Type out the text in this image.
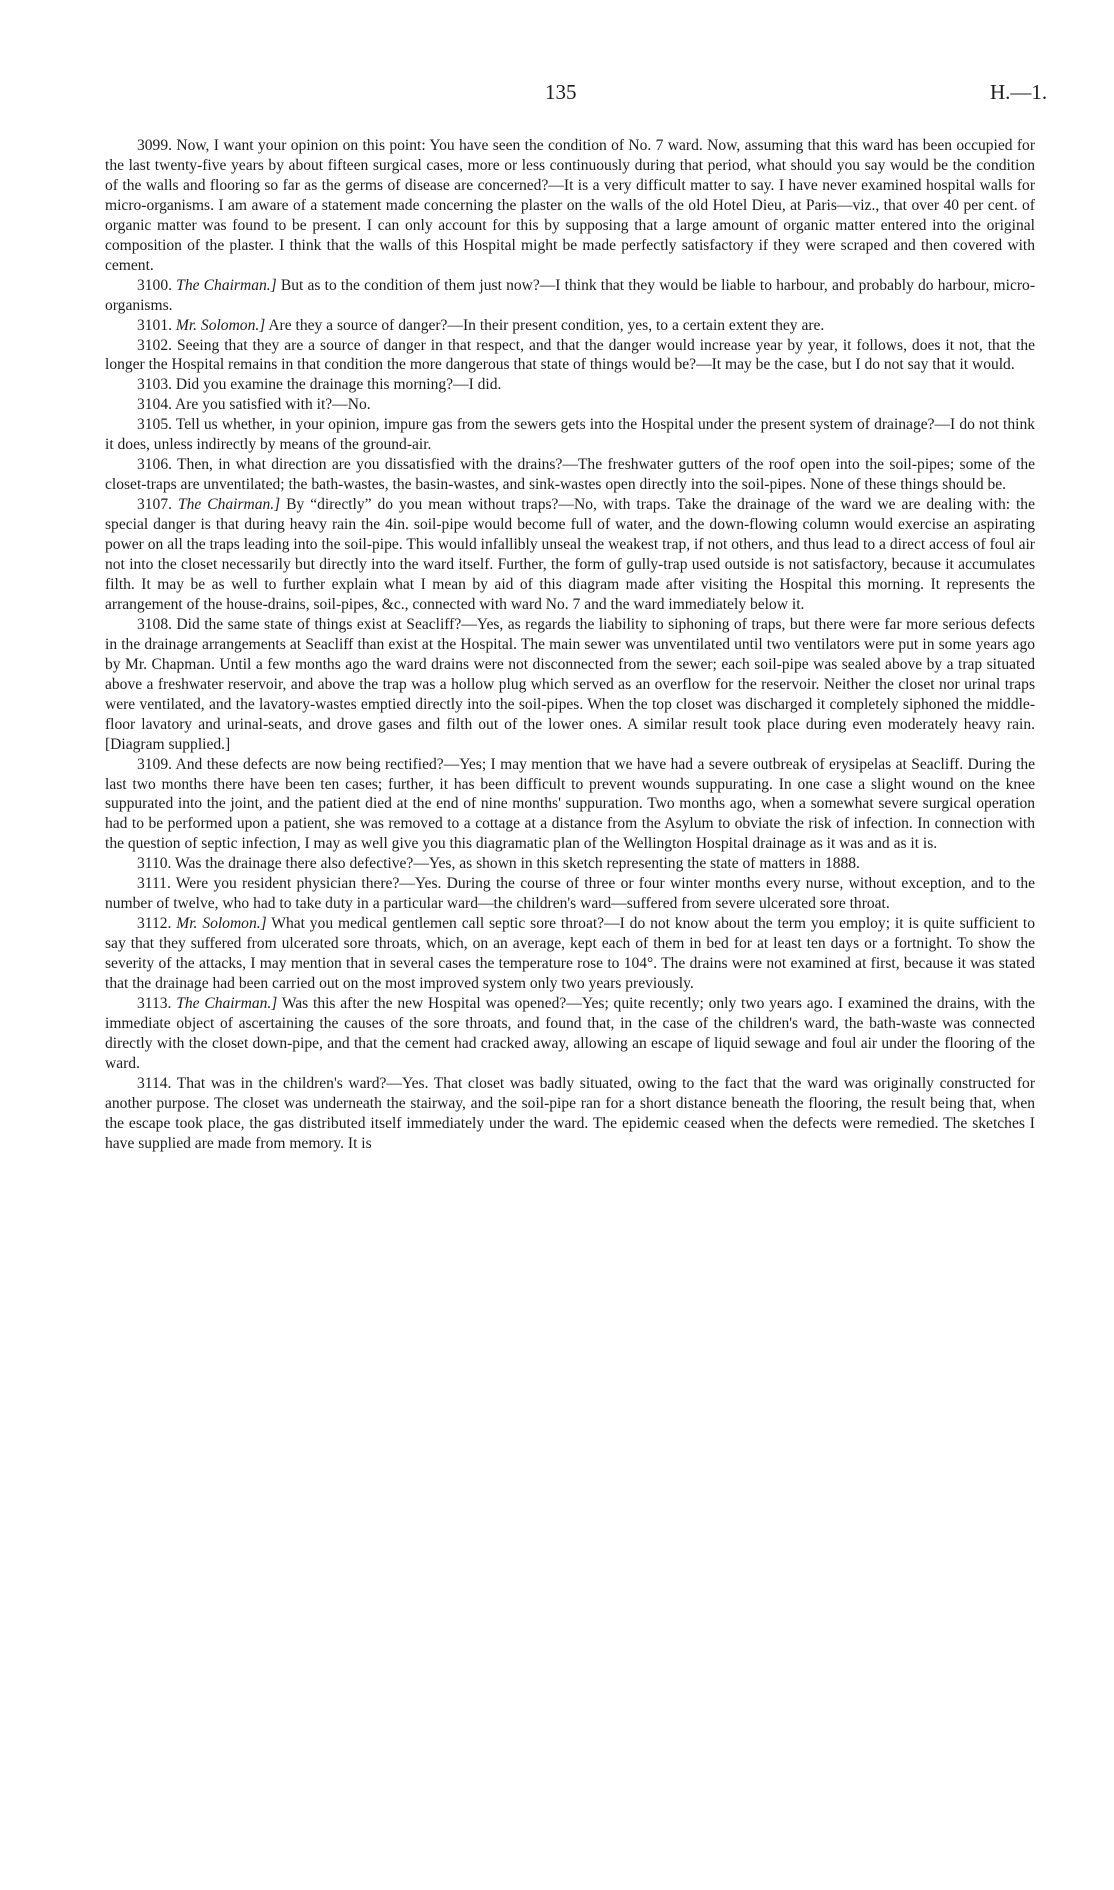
135	H.—1.

3099. Now, I want your opinion on this point: You have seen the condition of No. 7 ward. Now, assuming that this ward has been occupied for the last twenty-five years by about fifteen surgical cases, more or less continuously during that period, what should you say would be the condition of the walls and flooring so far as the germs of disease are concerned?—It is a very difficult matter to say. I have never examined hospital walls for micro-organisms. I am aware of a statement made concerning the plaster on the walls of the old Hotel Dieu, at Paris—viz., that over 40 per cent. of organic matter was found to be present. I can only account for this by supposing that a large amount of organic matter entered into the original composition of the plaster. I think that the walls of this Hospital might be made perfectly satisfactory if they were scraped and then covered with cement.

3100. The Chairman.] But as to the condition of them just now?—I think that they would be liable to harbour, and probably do harbour, micro-organisms.

3101. Mr. Solomon.] Are they a source of danger?—In their present condition, yes, to a certain extent they are.

3102. Seeing that they are a source of danger in that respect, and that the danger would increase year by year, it follows, does it not, that the longer the Hospital remains in that condition the more dangerous that state of things would be?—It may be the case, but I do not say that it would.

3103. Did you examine the drainage this morning?—I did.

3104. Are you satisfied with it?—No.

3105. Tell us whether, in your opinion, impure gas from the sewers gets into the Hospital under the present system of drainage?—I do not think it does, unless indirectly by means of the ground-air.

3106. Then, in what direction are you dissatisfied with the drains?—The freshwater gutters of the roof open into the soil-pipes; some of the closet-traps are unventilated; the bath-wastes, the basin-wastes, and sink-wastes open directly into the soil-pipes. None of these things should be.

3107. The Chairman.] By “directly” do you mean without traps?—No, with traps. Take the drainage of the ward we are dealing with: the special danger is that during heavy rain the 4in. soil-pipe would become full of water, and the down-flowing column would exercise an aspirating power on all the traps leading into the soil-pipe. This would infallibly unseal the weakest trap, if not others, and thus lead to a direct access of foul air not into the closet necessarily but directly into the ward itself. Further, the form of gully-trap used outside is not satisfactory, because it accumulates filth. It may be as well to further explain what I mean by aid of this diagram made after visiting the Hospital this morning. It represents the arrangement of the house-drains, soil-pipes, &c., connected with ward No. 7 and the ward immediately below it.

3108. Did the same state of things exist at Seacliff?—Yes, as regards the liability to siphoning of traps, but there were far more serious defects in the drainage arrangements at Seacliff than exist at the Hospital. The main sewer was unventilated until two ventilators were put in some years ago by Mr. Chapman. Until a few months ago the ward drains were not disconnected from the sewer; each soil-pipe was sealed above by a trap situated above a freshwater reservoir, and above the trap was a hollow plug which served as an overflow for the reservoir. Neither the closet nor urinal traps were ventilated, and the lavatory-wastes emptied directly into the soil-pipes. When the top closet was discharged it completely siphoned the middle-floor lavatory and urinal-seats, and drove gases and filth out of the lower ones. A similar result took place during even moderately heavy rain. [Diagram supplied.]

3109. And these defects are now being rectified?—Yes; I may mention that we have had a severe outbreak of erysipelas at Seacliff. During the last two months there have been ten cases; further, it has been difficult to prevent wounds suppurating. In one case a slight wound on the knee suppurated into the joint, and the patient died at the end of nine months' suppuration. Two months ago, when a somewhat severe surgical operation had to be performed upon a patient, she was removed to a cottage at a distance from the Asylum to obviate the risk of infection. In connection with the question of septic infection, I may as well give you this diagramatic plan of the Wellington Hospital drainage as it was and as it is.

3110. Was the drainage there also defective?—Yes, as shown in this sketch representing the state of matters in 1888.

3111. Were you resident physician there?—Yes. During the course of three or four winter months every nurse, without exception, and to the number of twelve, who had to take duty in a particular ward—the children's ward—suffered from severe ulcerated sore throat.

3112. Mr. Solomon.] What you medical gentlemen call septic sore throat?—I do not know about the term you employ; it is quite sufficient to say that they suffered from ulcerated sore throats, which, on an average, kept each of them in bed for at least ten days or a fortnight. To show the severity of the attacks, I may mention that in several cases the temperature rose to 104°. The drains were not examined at first, because it was stated that the drainage had been carried out on the most improved system only two years previously.

3113. The Chairman.] Was this after the new Hospital was opened?—Yes; quite recently; only two years ago. I examined the drains, with the immediate object of ascertaining the causes of the sore throats, and found that, in the case of the children's ward, the bath-waste was connected directly with the closet down-pipe, and that the cement had cracked away, allowing an escape of liquid sewage and foul air under the flooring of the ward.

3114. That was in the children's ward?—Yes. That closet was badly situated, owing to the fact that the ward was originally constructed for another purpose. The closet was underneath the stairway, and the soil-pipe ran for a short distance beneath the flooring, the result being that, when the escape took place, the gas distributed itself immediately under the ward. The epidemic ceased when the defects were remedied. The sketches I have supplied are made from memory. It is
